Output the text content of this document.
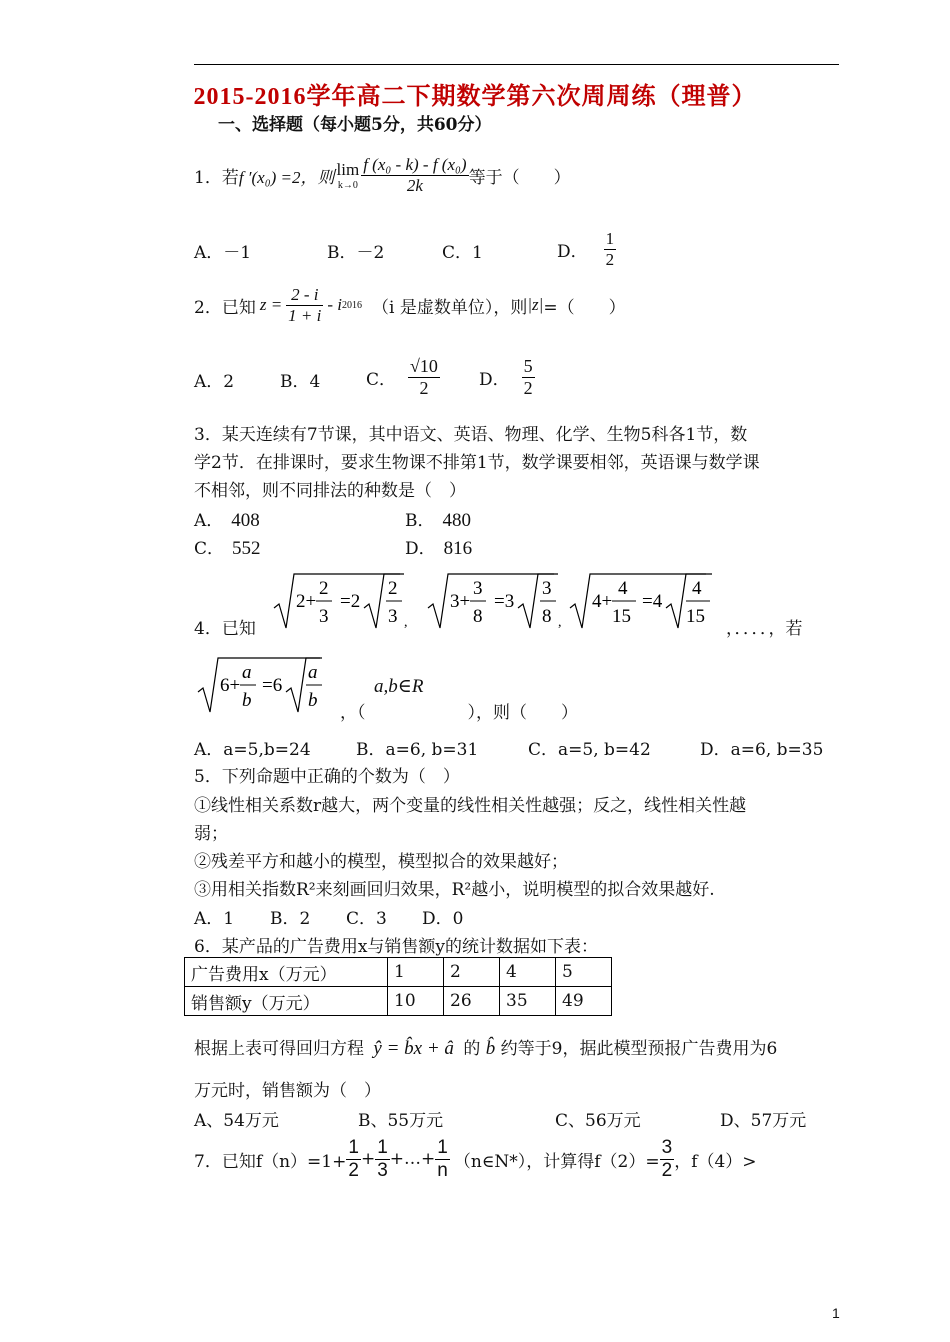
2015-2016学年高二下期数学第六次周周练（理普）
一、选择题（每小题5分，共60分）
1．若 f ′(x₀) =2，则 lim
$k\to 0 \frac{\text{f (x₀ - k) - f (x₀)}}{2k}$ 等于（　　）
A．－1	B．－2	C．1	D． $\frac{1}{2}$
2．已知 $z = \frac{2 - i}{1 + i} - i$ 2016 （i 是虚数单位），则 |z| =（　　）
A．2	B．4	C． $\frac{√10}{2}$ D． $\frac{5}{2}$
3．某天连续有7节课，其中语文、英语、物理、化学、生物5科各1节，数
学2节．在排课时，要求生物课不排第1节，数学课要相邻，英语课与数学课
不相邻，则不同排法的种数是（　）
A． 408	B． 480
C． 552	D． 816
4．已知
2+
2
3
=2
2
3 ,
3+
3
8
=3
3
8 ,
4+
4
15
=4
4
15
，．．．．，若
6+
a
b
=6
a
b
a,b∈R
，（　　　　　　），则（　　）
A．a=5,b=24	B．a=6, b=31	C．a=5, b=42	D．a=6, b=35
5．下列命题中正确的个数为（　）
①线性相关系数r越大，两个变量的线性相关性越强；反之，线性相关性越
弱；
②残差平方和越小的模型，模型拟合的效果越好；
③用相关指数R²来刻画回归效果，R²越小，说明模型的拟合效果越好.
A．1 B．2 C．3 D．0
6．某产品的广告费用x与销售额y的统计数据如下表：
广告费用x（万元）	1	2	4	5
销售额y（万元）	10	26	35	49
根据上表可得回归方程 ŷ = b̂x + â 的 b̂ 约等于9，据此模型预报广告费用为6
万元时，销售额为（　）
A、54万元	B、55万元	C、56万元	D、57万元
7．已知$f(n)=1+ \frac{1}{2} + \frac{1}{3}$ +…+ $\frac{1}{n}$ （n∈N*），计算得$f(2)= \frac{3}{2}$ ，f（4）>
1
